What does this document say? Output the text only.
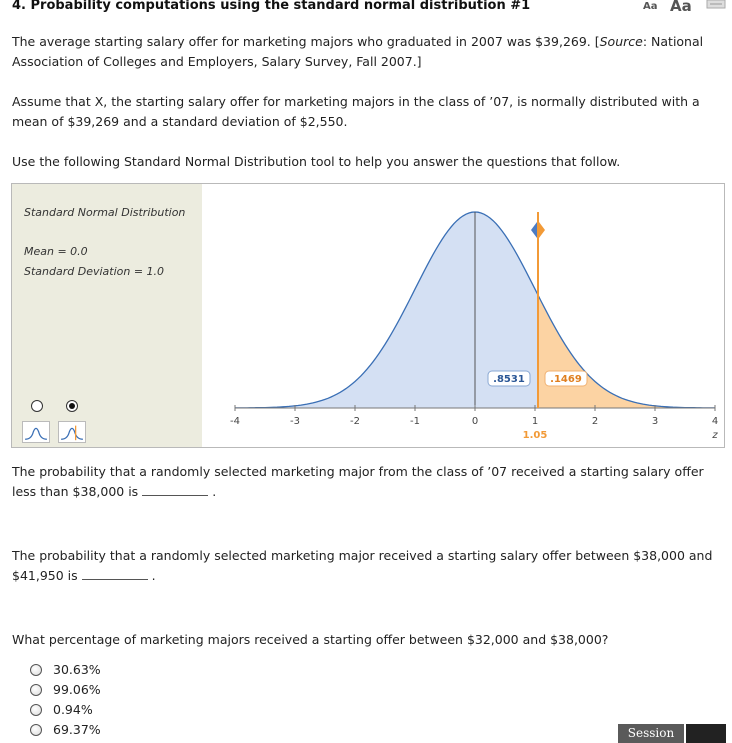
4. Probability computations using the standard normal distribution #1	Aa Aa

The average starting salary offer for marketing majors who graduated in 2007 was $39,269. [Source: National Association of Colleges and Employers, Salary Survey, Fall 2007.]

Assume that X, the starting salary offer for marketing majors in the class of ’07, is normally distributed with a mean of $39,269 and a standard deviation of $2,550.

Use the following Standard Normal Distribution tool to help you answer the questions that follow.

Standard Normal Distribution
Mean = 0.0
Standard Deviation = 1.0
-4	-3	-2	-1	0	1	2	3	4
1.05
.8531	.1469
z

The probability that a randomly selected marketing major from the class of ’07 received a starting salary offer less than $38,000 is	.

The probability that a randomly selected marketing major received a starting salary offer between $38,000 and $41,950 is	.

What percentage of marketing majors received a starting offer between $32,000 and $38,000?

30.63%
99.06%
0.94%
69.37%	Session
